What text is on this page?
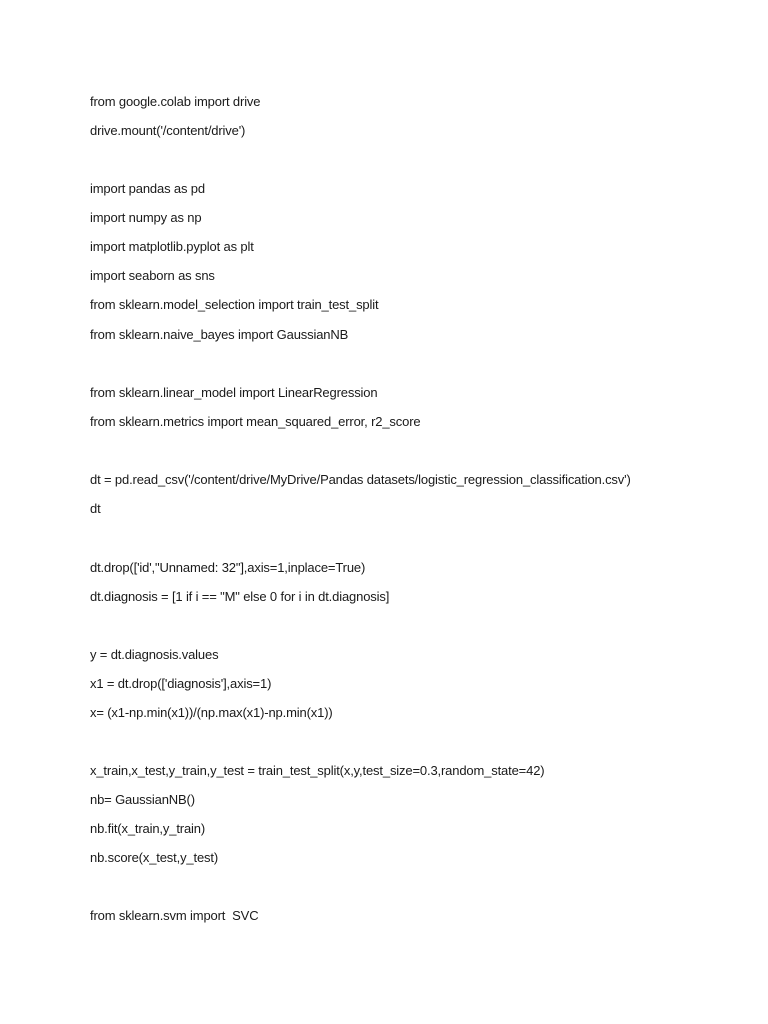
from google.colab import drive
drive.mount('/content/drive')
import pandas as pd
import numpy as np
import matplotlib.pyplot as plt
import seaborn as sns
from sklearn.model_selection import train_test_split
from sklearn.naive_bayes import GaussianNB
from sklearn.linear_model import LinearRegression
from sklearn.metrics import mean_squared_error, r2_score
dt = pd.read_csv('/content/drive/MyDrive/Pandas datasets/logistic_regression_classification.csv')
dt
dt.drop(['id',"Unnamed: 32"],axis=1,inplace=True)
dt.diagnosis = [1 if i == "M" else 0 for i in dt.diagnosis]
y = dt.diagnosis.values
x1 = dt.drop(['diagnosis'],axis=1)
x= (x1-np.min(x1))/(np.max(x1)-np.min(x1))
x_train,x_test,y_train,y_test = train_test_split(x,y,test_size=0.3,random_state=42)
nb= GaussianNB()
nb.fit(x_train,y_train)
nb.score(x_test,y_test)
from sklearn.svm import  SVC
